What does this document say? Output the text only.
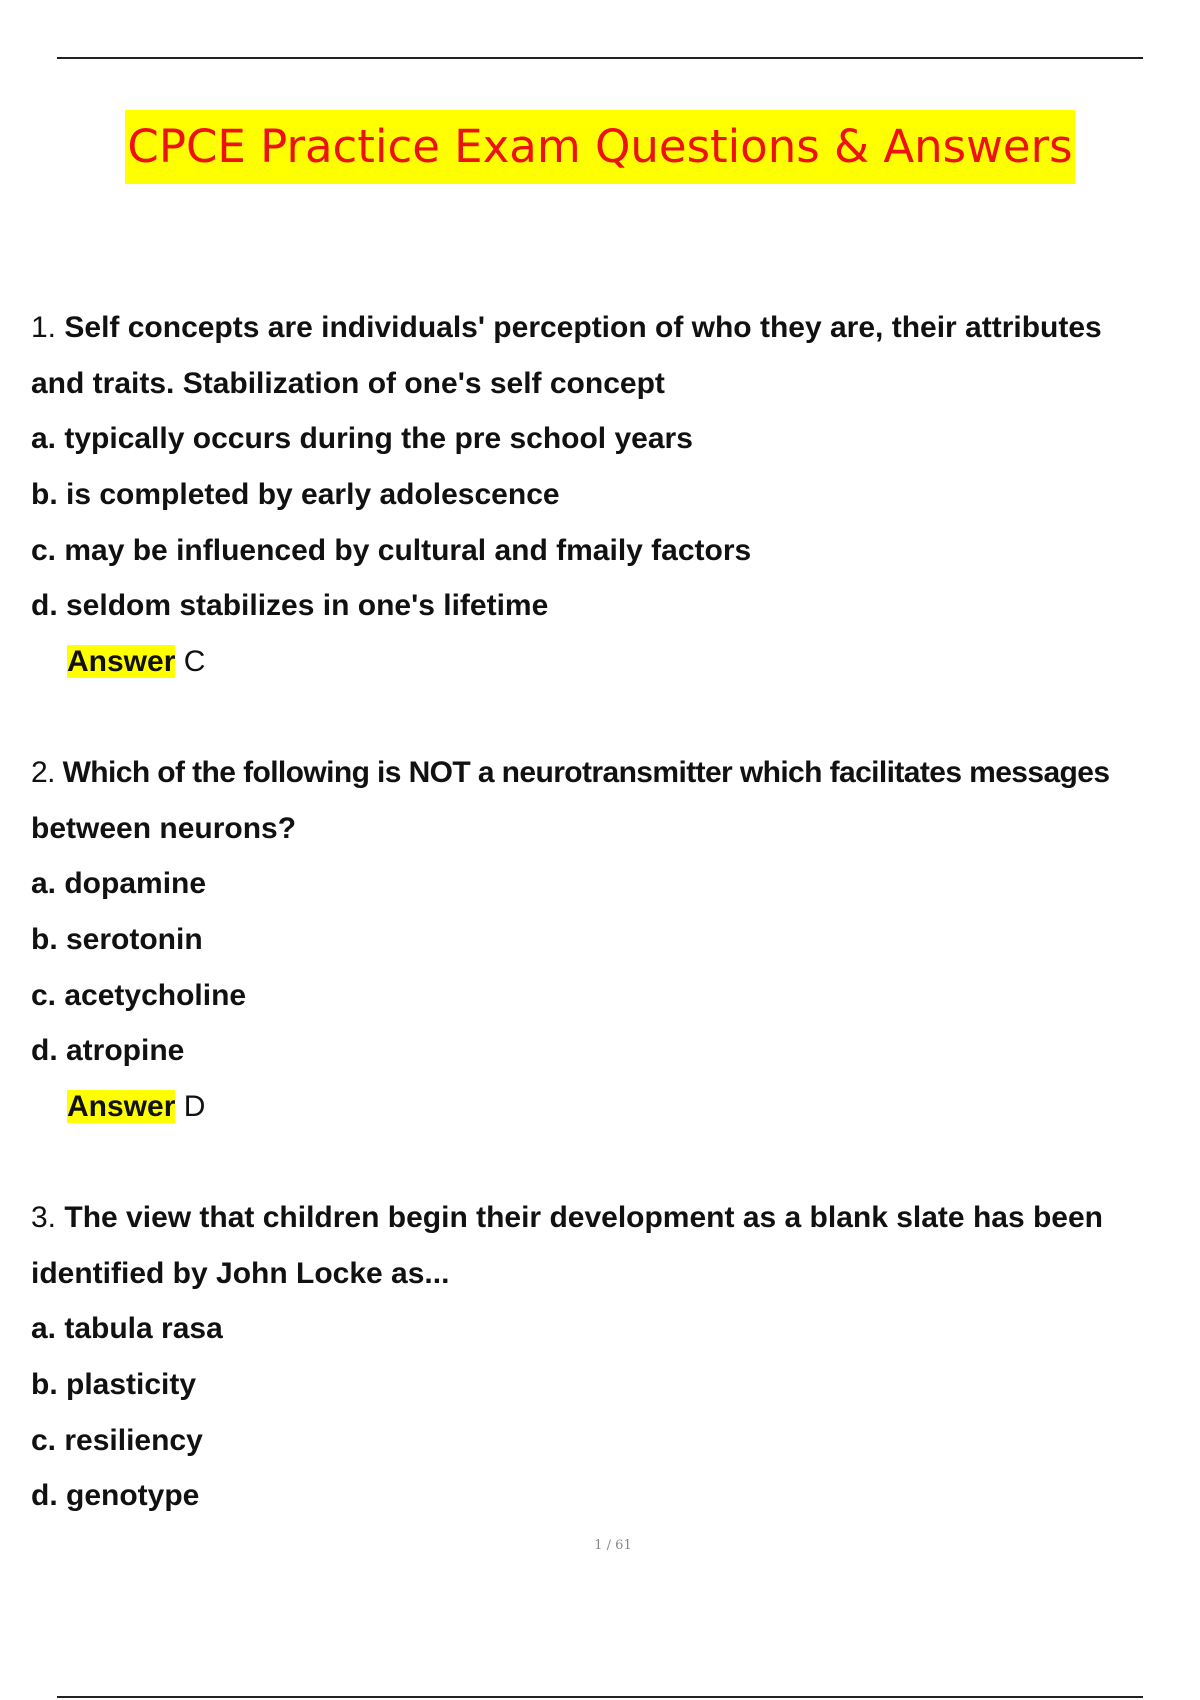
CPCE Practice Exam Questions & Answers
1. Self concepts are individuals' perception of who they are, their attributes
and traits. Stabilization of one's self concept
a. typically occurs during the pre school years
b. is completed by early adolescence
c. may be influenced by cultural and fmaily factors
d. seldom stabilizes in one's lifetime
Answer C
2. Which of the following is NOT a neurotransmitter which facilitates messages
between neurons?
a. dopamine
b. serotonin
c. acetycholine
d. atropine
Answer D
3. The view that children begin their development as a blank slate has been
identified by John Locke as...
a. tabula rasa
b. plasticity
c. resiliency
d. genotype
1 / 61
